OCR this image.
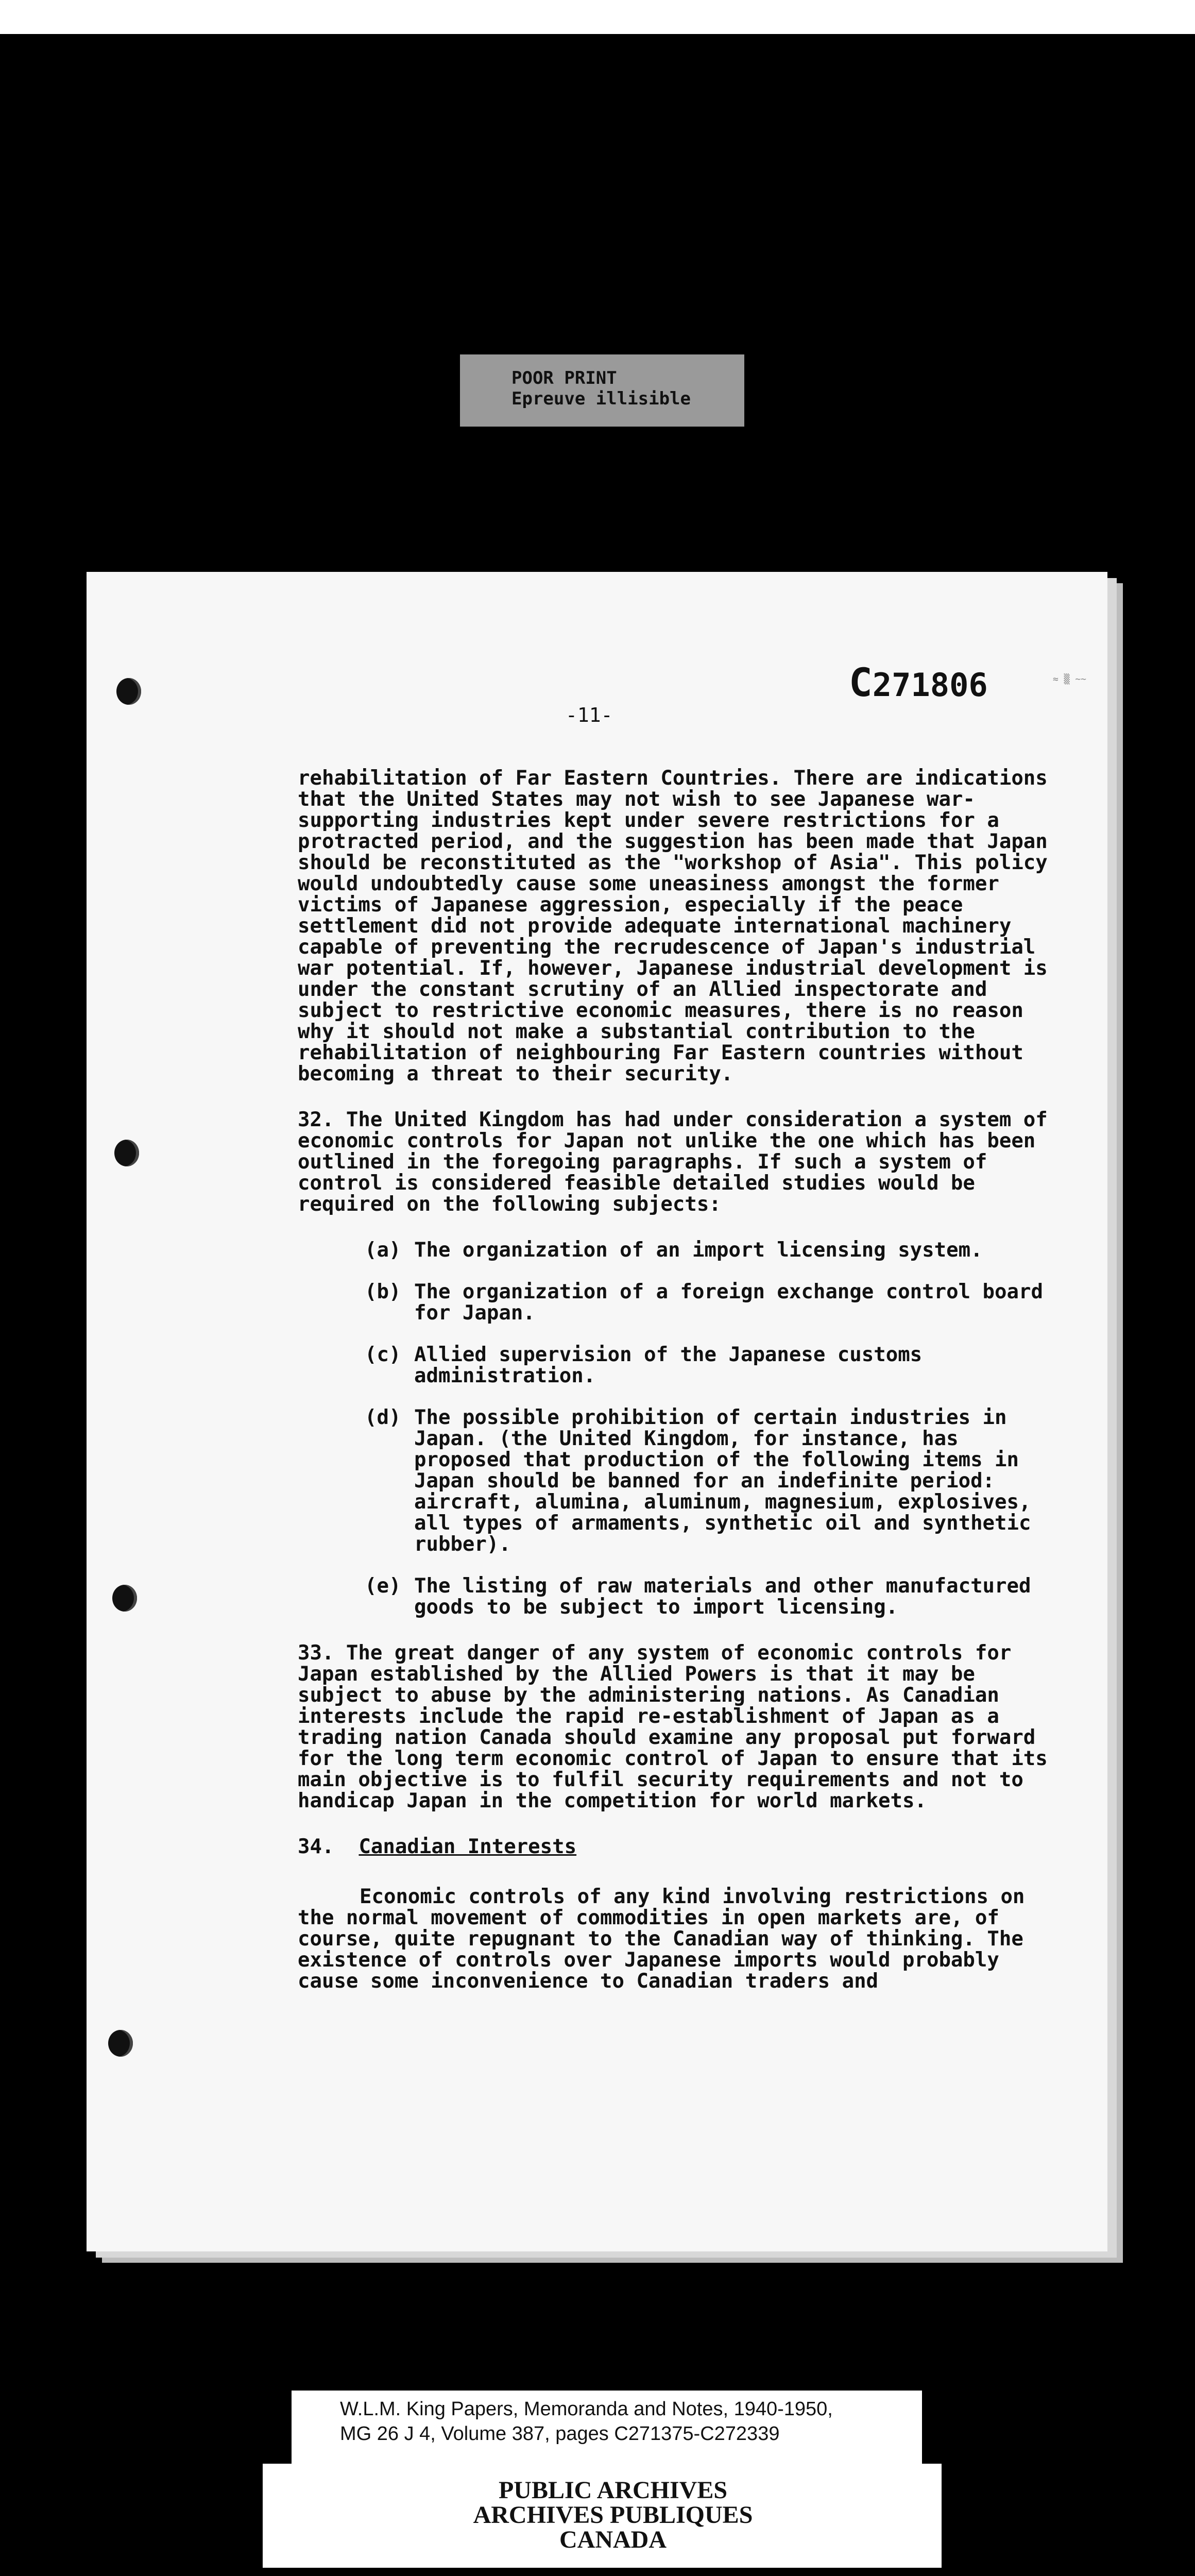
POOR PRINT
Epreuve illisible
C271806	≈ ▒ ~~
-11-

rehabilitation of Far Eastern Countries. There are indications that the United States may not wish to see Japanese war-supporting industries kept under severe restrictions for a protracted period, and the suggestion has been made that Japan should be reconstituted as the "workshop of Asia". This policy would undoubtedly cause some uneasiness amongst the former victims of Japanese aggression, especially if the peace settlement did not provide adequate international machinery capable of preventing the recrudescence of Japan's industrial war potential. If, however, Japanese industrial development is under the constant scrutiny of an Allied inspectorate and subject to restrictive economic measures, there is no reason why it should not make a substantial contribution to the rehabilitation of neighbouring Far Eastern countries without becoming a threat to their security.

32. The United Kingdom has had under consideration a system of economic controls for Japan not unlike the one which has been outlined in the foregoing paragraphs. If such a system of control is considered feasible detailed studies would be required on the following subjects:

(a) The organization of an import licensing system.
(b) The organization of a foreign exchange control board for Japan.
(c) Allied supervision of the Japanese customs administration.
(d) The possible prohibition of certain industries in Japan. (the United Kingdom, for instance, has proposed that production of the following items in Japan should be banned for an indefinite period: aircraft, alumina, aluminum, magnesium, explosives, all types of armaments, synthetic oil and synthetic rubber).
(e) The listing of raw materials and other manufactured goods to be subject to import licensing.

33. The great danger of any system of economic controls for Japan established by the Allied Powers is that it may be subject to abuse by the administering nations. As Canadian interests include the rapid re-establishment of Japan as a trading nation Canada should examine any proposal put forward for the long term economic control of Japan to ensure that its main objective is to fulfil security requirements and not to handicap Japan in the competition for world markets.

34. Canadian Interests

Economic controls of any kind involving restrictions on the normal movement of commodities in open markets are, of course, quite repugnant to the Canadian way of thinking. The existence of controls over Japanese imports would probably cause some inconvenience to Canadian traders and

W.L.M. King Papers, Memoranda and Notes, 1940-1950,
MG 26 J 4, Volume 387, pages C271375-C272339
PUBLIC ARCHIVES
ARCHIVES PUBLIQUES
CANADA
